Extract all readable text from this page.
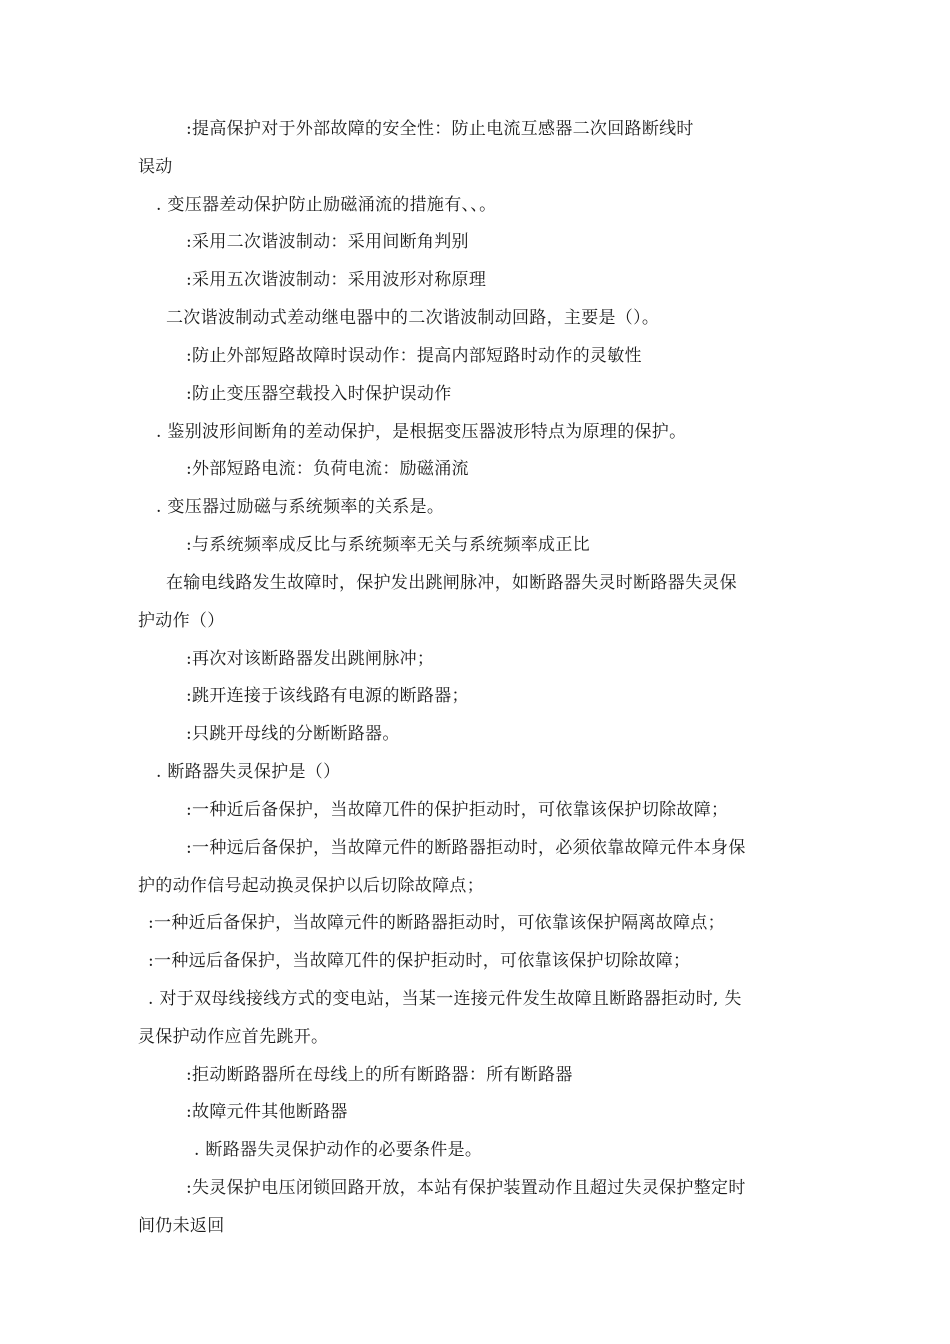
:提高保护对于外部故障的安全性：防止电流互感器二次回路断线时
误动
. 变压器差动保护防止励磁涌流的措施有、、。
:采用二次谐波制动：采用间断角判别
:采用五次谐波制动：采用波形对称原理
二次谐波制动式差动继电器中的二次谐波制动回路，主要是（）。
:防止外部短路故障时误动作：提高内部短路时动作的灵敏性
:防止变压器空载投入时保护误动作
. 鉴别波形间断角的差动保护，是根据变压器波形特点为原理的保护。
:外部短路电流：负荷电流：励磁涌流
. 变压器过励磁与系统频率的关系是。
:与系统频率成反比与系统频率无关与系统频率成正比
在输电线路发生故障时，保护发出跳闸脉冲，如断路器失灵时断路器失灵保
护动作（）
:再次对该断路器发出跳闸脉冲；
:跳开连接于该线路有电源的断路器；
:只跳开母线的分断断路器。
. 断路器失灵保护是（）
:一种近后备保护，当故障兀件的保护拒动时，可依靠该保护切除故障；
:一种远后备保护，当故障元件的断路器拒动时，必须依靠故障元件本身保
护的动作信号起动换灵保护以后切除故障点；
:一种近后备保护，当故障元件的断路器拒动时，可依靠该保护隔离故障点；
:一种远后备保护，当故障兀件的保护拒动时，可依靠该保护切除故障；
. 对于双母线接线方式的变电站，当某一连接元件发生故障且断路器拒动时, 失
灵保护动作应首先跳开。
:拒动断路器所在母线上的所有断路器：所有断路器
:故障元件其他断路器
. 断路器失灵保护动作的必要条件是。
:失灵保护电压闭锁回路开放，本站有保护装置动作且超过失灵保护整定时
间仍未返回
